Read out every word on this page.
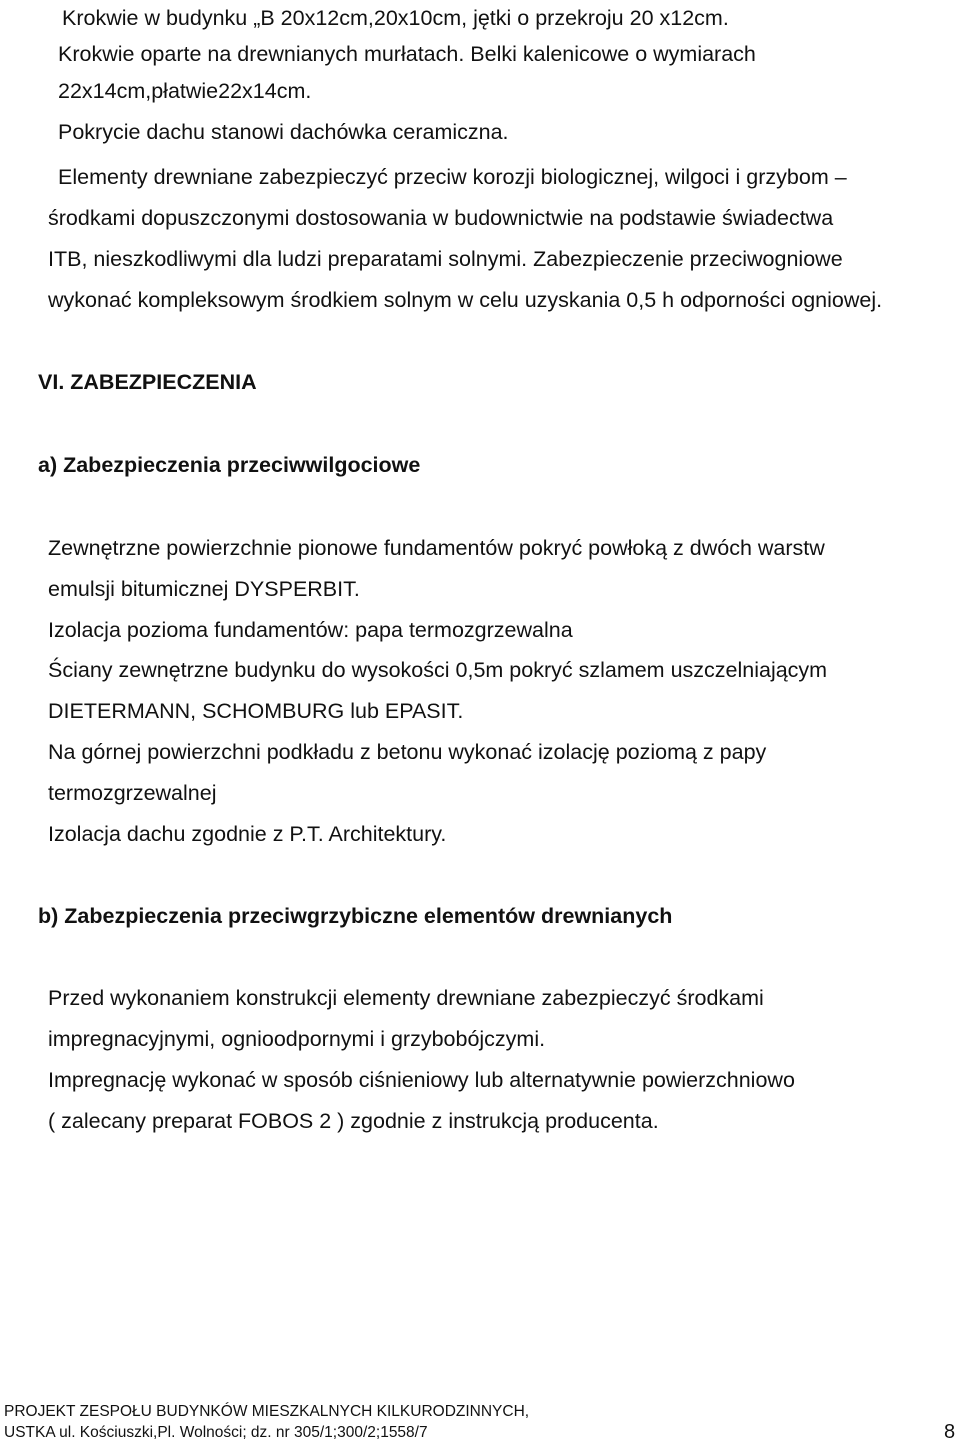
Krokwie w budynku „B 20x12cm,20x10cm, jętki o przekroju 20 x12cm.

Krokwie oparte na drewnianych murłatach. Belki kalenicowe o wymiarach

22x14cm,płatwie22x14cm.

Pokrycie dachu stanowi dachówka ceramiczna.

Elementy drewniane zabezpieczyć przeciw korozji biologicznej, wilgoci i grzybom –

środkami dopuszczonymi dostosowania w budownictwie na podstawie świadectwa

ITB, nieszkodliwymi dla ludzi preparatami solnymi. Zabezpieczenie przeciwogniowe

wykonać kompleksowym środkiem solnym w celu uzyskania 0,5 h odporności ogniowej.

VI. ZABEZPIECZENIA
a) Zabezpieczenia przeciwwilgociowe

Zewnętrzne powierzchnie pionowe fundamentów pokryć powłoką z dwóch warstw

emulsji bitumicznej DYSPERBIT.

Izolacja pozioma fundamentów: papa termozgrzewalna

Ściany zewnętrzne budynku do wysokości 0,5m pokryć szlamem uszczelniającym

DIETERMANN, SCHOMBURG lub EPASIT.

Na górnej powierzchni podkładu z betonu wykonać izolację poziomą z papy

termozgrzewalnej

Izolacja dachu zgodnie z P.T. Architektury.

b) Zabezpieczenia przeciwgrzybiczne elementów drewnianych

Przed wykonaniem konstrukcji elementy drewniane zabezpieczyć środkami

impregnacyjnymi, ognioodpornymi i grzybobójczymi.

Impregnację wykonać w sposób ciśnieniowy lub alternatywnie powierzchniowo

( zalecany preparat FOBOS 2 ) zgodnie z instrukcją producenta.

PROJEKT ZESPOŁU BUDYNKÓW MIESZKALNYCH KILKURODZINNYCH,

USTKA ul. Kościuszki,Pl. Wolności; dz. nr 305/1;300/2;1558/7	8
